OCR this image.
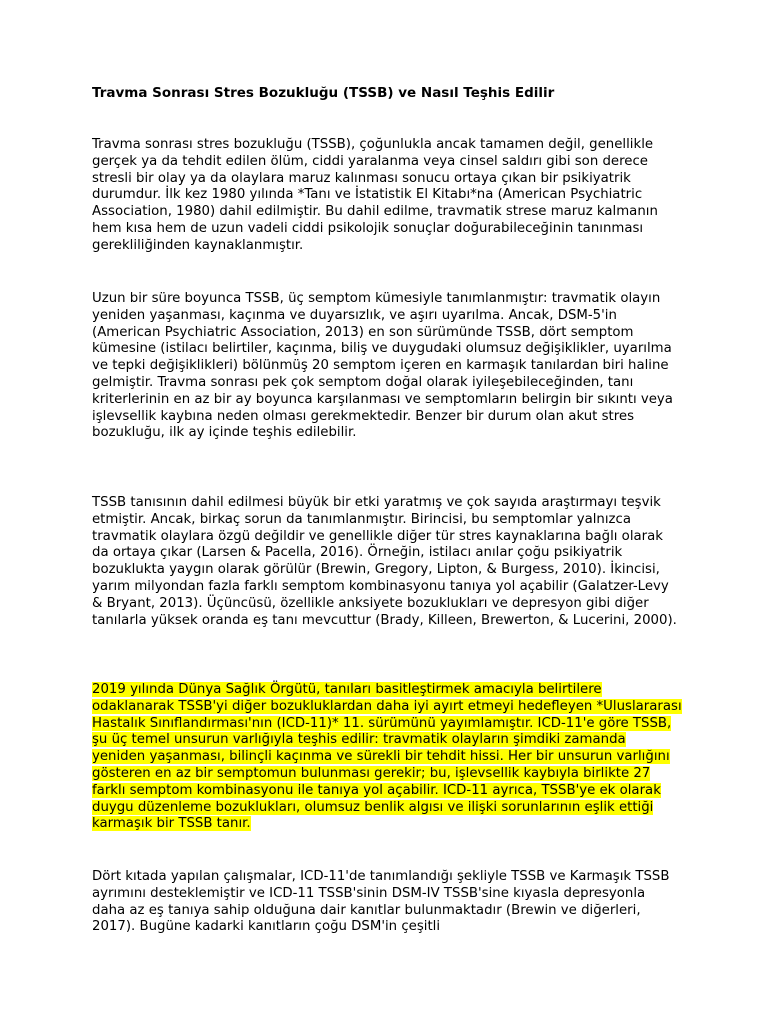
Travma Sonrası Stres Bozukluğu (TSSB) ve Nasıl Teşhis Edilir

Travma sonrası stres bozukluğu (TSSB), çoğunlukla ancak tamamen değil, genellikle gerçek ya da tehdit edilen ölüm, ciddi yaralanma veya cinsel saldırı gibi son derece stresli bir olay ya da olaylara maruz kalınması sonucu ortaya çıkan bir psikiyatrik durumdur. İlk kez 1980 yılında *Tanı ve İstatistik El Kitabı*na (American Psychiatric Association, 1980) dahil edilmiştir. Bu dahil edilme, travmatik strese maruz kalmanın hem kısa hem de uzun vadeli ciddi psikolojik sonuçlar doğurabileceğinin tanınması gerekliliğinden kaynaklanmıştır.

Uzun bir süre boyunca TSSB, üç semptom kümesiyle tanımlanmıştır: travmatik olayın yeniden yaşanması, kaçınma ve duyarsızlık, ve aşırı uyarılma. Ancak, DSM-5'in (American Psychiatric Association, 2013) en son sürümünde TSSB, dört semptom kümesine (istilacı belirtiler, kaçınma, biliş ve duygudaki olumsuz değişiklikler, uyarılma ve tepki değişiklikleri) bölünmüş 20 semptom içeren en karmaşık tanılardan biri haline gelmiştir. Travma sonrası pek çok semptom doğal olarak iyileşebileceğinden, tanı kriterlerinin en az bir ay boyunca karşılanması ve semptomların belirgin bir sıkıntı veya işlevsellik kaybına neden olması gerekmektedir. Benzer bir durum olan akut stres bozukluğu, ilk ay içinde teşhis edilebilir.

TSSB tanısının dahil edilmesi büyük bir etki yaratmış ve çok sayıda araştırmayı teşvik etmiştir. Ancak, birkaç sorun da tanımlanmıştır. Birincisi, bu semptomlar yalnızca travmatik olaylara özgü değildir ve genellikle diğer tür stres kaynaklarına bağlı olarak da ortaya çıkar (Larsen & Pacella, 2016). Örneğin, istilacı anılar çoğu psikiyatrik bozuklukta yaygın olarak görülür (Brewin, Gregory, Lipton, & Burgess, 2010). İkincisi, yarım milyondan fazla farklı semptom kombinasyonu tanıya yol açabilir (Galatzer-Levy & Bryant, 2013). Üçüncüsü, özellikle anksiyete bozuklukları ve depresyon gibi diğer tanılarla yüksek oranda eş tanı mevcuttur (Brady, Killeen, Brewerton, & Lucerini, 2000).

2019 yılında Dünya Sağlık Örgütü, tanıları basitleştirmek amacıyla belirtilere odaklanarak TSSB'yi diğer bozukluklardan daha iyi ayırt etmeyi hedefleyen *Uluslararası Hastalık Sınıflandırması'nın (ICD-11)* 11. sürümünü yayımlamıştır. ICD-11'e göre TSSB, şu üç temel unsurun varlığıyla teşhis edilir: travmatik olayların şimdiki zamanda yeniden yaşanması, bilinçli kaçınma ve sürekli bir tehdit hissi. Her bir unsurun varlığını gösteren en az bir semptomun bulunması gerekir; bu, işlevsellik kaybıyla birlikte 27 farklı semptom kombinasyonu ile tanıya yol açabilir. ICD-11 ayrıca, TSSB'ye ek olarak duygu düzenleme bozuklukları, olumsuz benlik algısı ve ilişki sorunlarının eşlik ettiği karmaşık bir TSSB tanır.

Dört kıtada yapılan çalışmalar, ICD-11'de tanımlandığı şekliyle TSSB ve Karmaşık TSSB ayrımını desteklemiştir ve ICD-11 TSSB'sinin DSM-IV TSSB'sine kıyasla depresyonla daha az eş tanıya sahip olduğuna dair kanıtlar bulunmaktadır (Brewin ve diğerleri, 2017). Bugüne kadarki kanıtların çoğu DSM'in çeşitli
